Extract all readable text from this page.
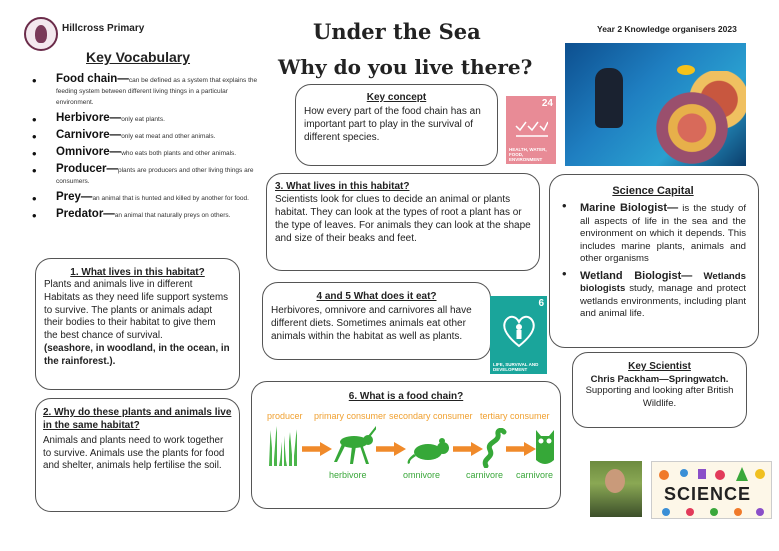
Hillcross Primary	Under the Sea
Why do you live there?
Year 2 Knowledge organisers 2023
Key Vocabulary
• Food chain—can be defined as a system that explains the feeding system between different living things in a particular environment.
• Herbivore—only eat plants.
• Carnivore—only eat meat and other animals.
• Omnivore—who eats both plants and other animals.
• Producer—plants are producers and other living things are consumers.
• Prey—an animal that is hunted and killed by another for food.
• Predator—an animal that naturally preys on others.
Key concept
How every part of the food chain has an important part to play in the survival of different species.
24
HEALTH, WATER, FOOD, ENVIRONMENT
3. What lives in this habitat?
Scientists look for clues to decide an animal or plants habitat. They can look at the types of root a plant has or the type of leaves. For animals they can look at the shape and size of their beaks and feet.
Science Capital
• Marine Biologist— is the study of all aspects of life in the sea and the environment on which it depends. This includes marine plants, animals and other organisms
• Wetland Biologist— Wetlands biologists study, manage and protect wetlands environments, including plant and animal life.
1. What lives in this habitat?
Plants and animals live in different Habitats as they need life support systems to survive. The plants or animals adapt their bodies to their habitat to give them the best chance of survival.
(seashore, in woodland, in the ocean, in the rainforest.).
4 and 5 What does it eat?
Herbivores, omnivore and carnivores all have different diets. Sometimes animals eat other animals within the habitat as well as plants.
6
LIFE, SURVIVAL AND DEVELOPMENT	Key Scientist
Chris Packham—Springwatch.
Supporting and looking after British Wildlife.
2. Why do these plants and animals live in the same habitat?
Animals and plants need to work together to survive. Animals use the plants for food and shelter, animals help fertilise the soil.
6. What is a food chain?
producer primary consumer secondary consumer tertiary consumer
herbivore	omnivore	carnivore carnivore
SCIENCE
